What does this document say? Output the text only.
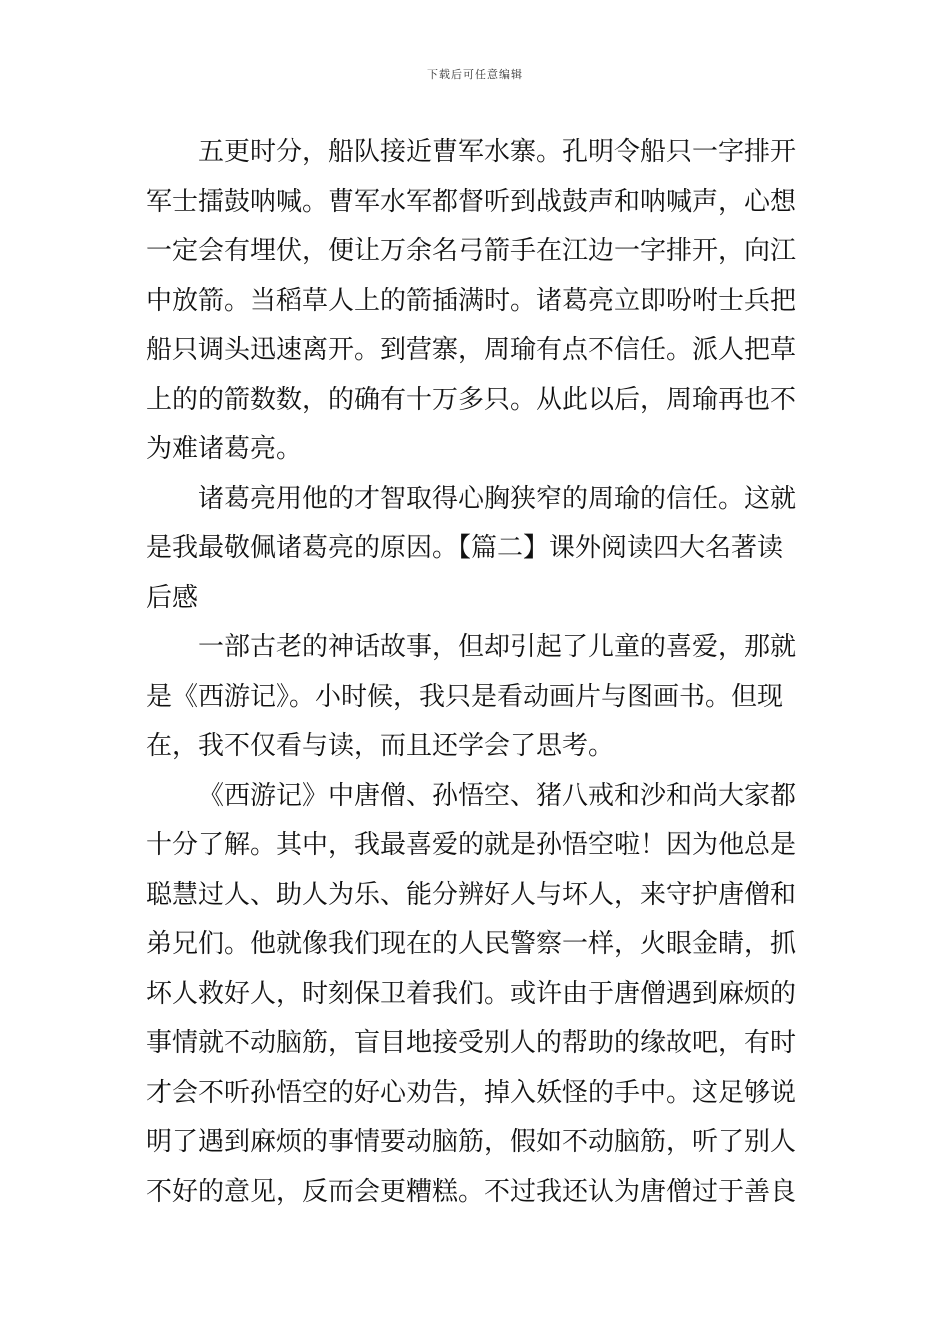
下载后可任意编辑

五更时分，船队接近曹军水寨。孔明令船只一字排开
军士擂鼓呐喊。曹军水军都督听到战鼓声和呐喊声，心想
一定会有埋伏，便让万余名弓箭手在江边一字排开，向江
中放箭。当稻草人上的箭插满时。诸葛亮立即吩咐士兵把
船只调头迅速离开。到营寨，周瑜有点不信任。派人把草
上的的箭数数，的确有十万多只。从此以后，周瑜再也不
为难诸葛亮。

诸葛亮用他的才智取得心胸狭窄的周瑜的信任。这就
是我最敬佩诸葛亮的原因。【篇二】课外阅读四大名著读
后感

一部古老的神话故事，但却引起了儿童的喜爱，那就
是《西游记》。小时候，我只是看动画片与图画书。但现
在，我不仅看与读，而且还学会了思考。

《西游记》中唐僧、孙悟空、猪八戒和沙和尚大家都
十分了解。其中，我最喜爱的就是孙悟空啦！因为他总是
聪慧过人、助人为乐、能分辨好人与坏人，来守护唐僧和
弟兄们。他就像我们现在的人民警察一样，火眼金睛，抓
坏人救好人，时刻保卫着我们。或许由于唐僧遇到麻烦的
事情就不动脑筋，盲目地接受别人的帮助的缘故吧，有时
才会不听孙悟空的好心劝告，掉入妖怪的手中。这足够说
明了遇到麻烦的事情要动脑筋，假如不动脑筋，听了别人
不好的意见，反而会更糟糕。不过我还认为唐僧过于善良
